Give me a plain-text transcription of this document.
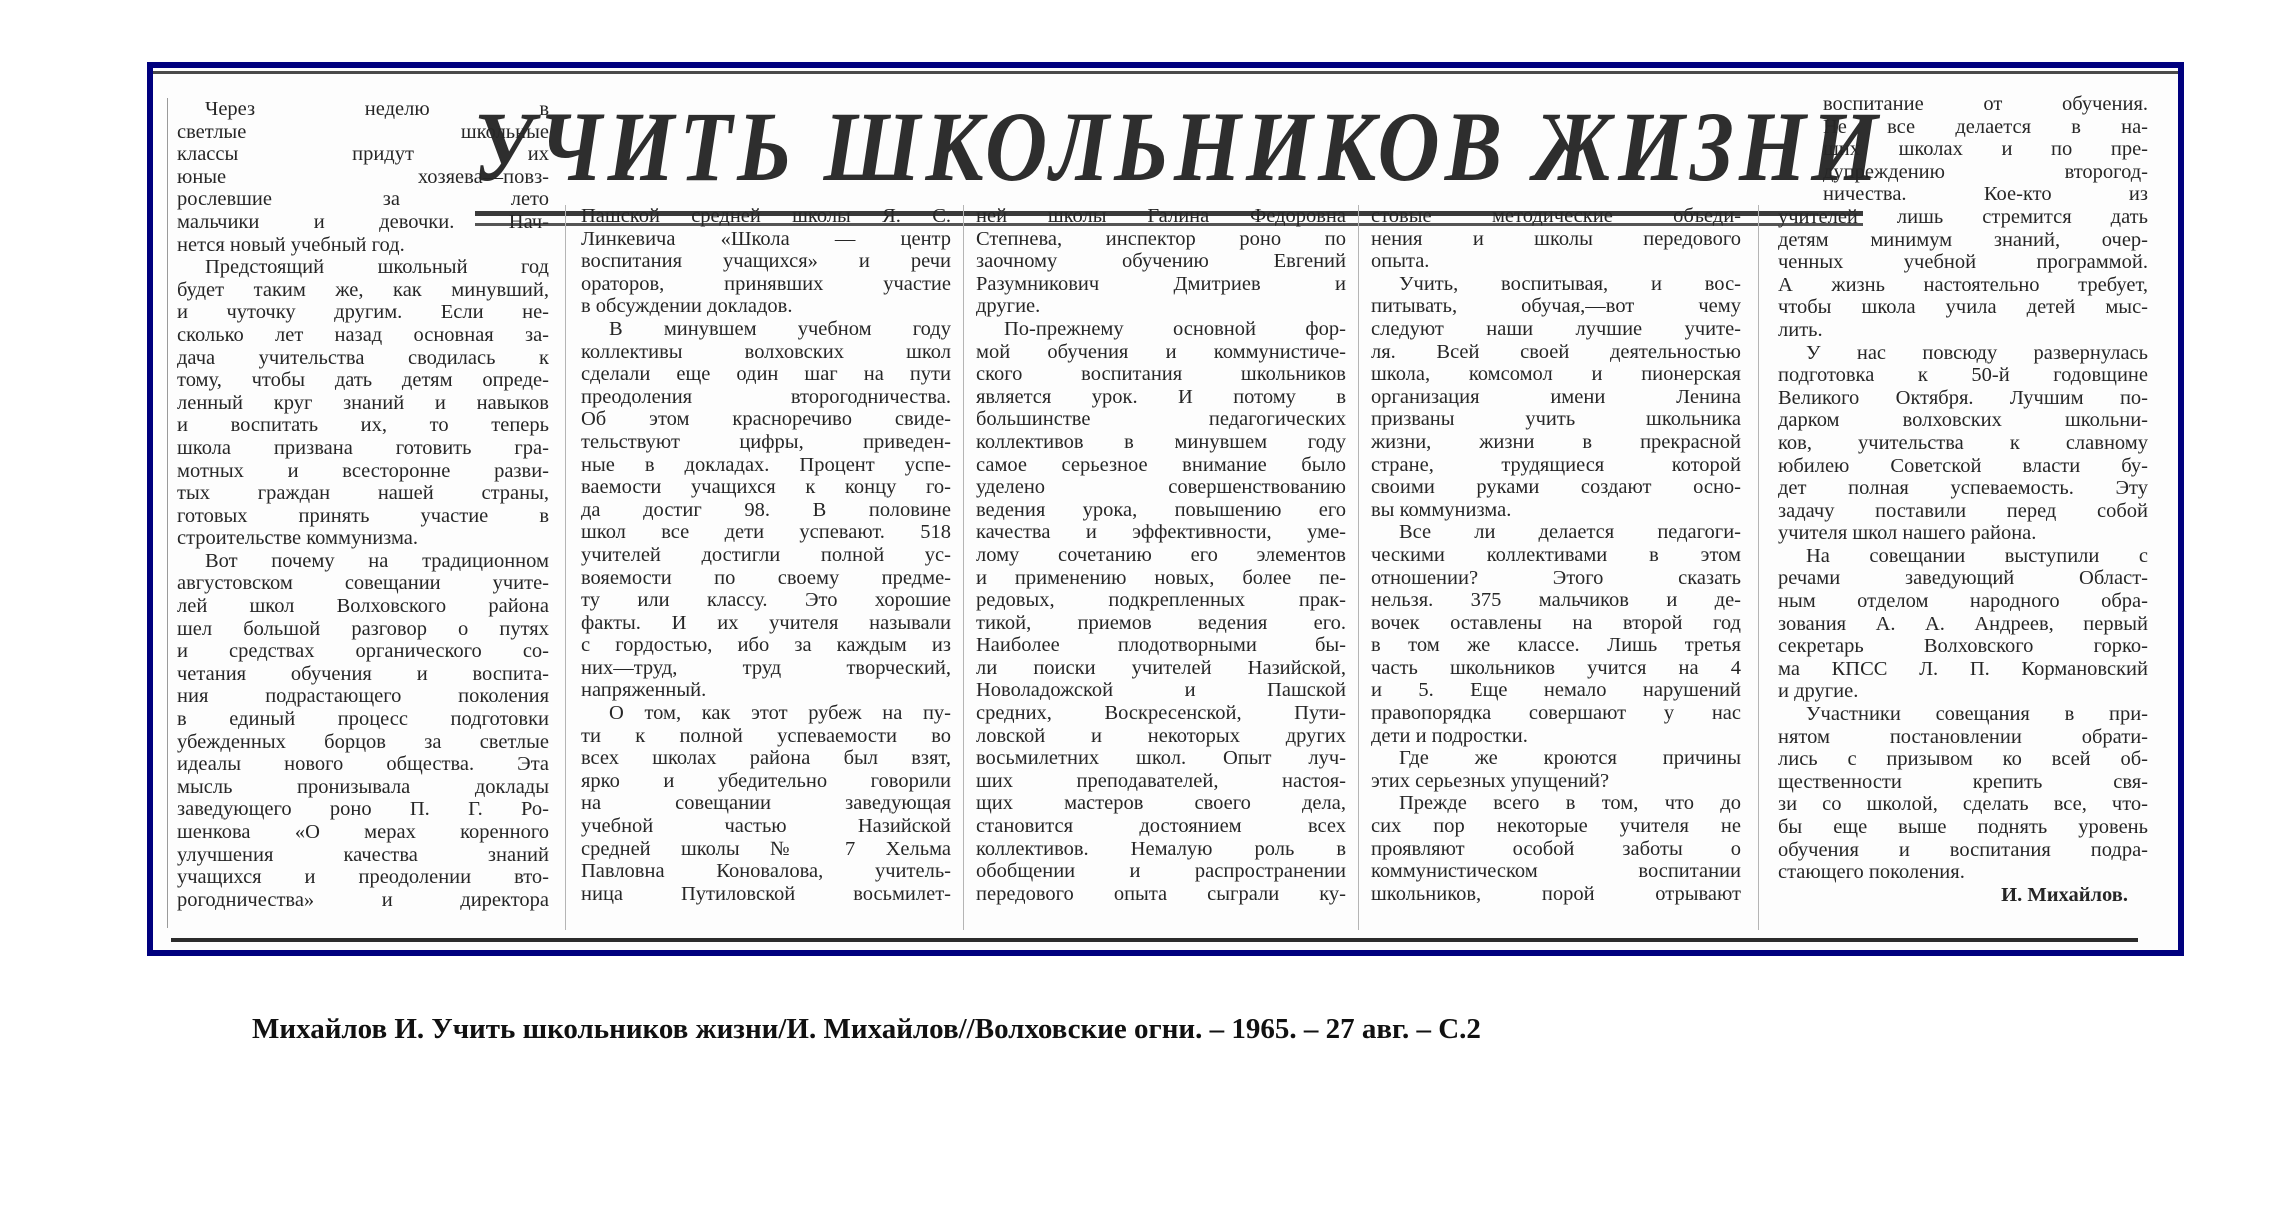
УЧИТЬ ШКОЛЬНИКОВ ЖИЗНИ
Через неделю в
светлые школьные
классы придут их
юные хозяева—повз-
рослевшие за лето
мальчики и девочки. Нач-
нется новый учебный год.
Предстоящий школьный год
будет таким же, как минувший,
и чуточку другим. Если не-
сколько лет назад основная за-
дача учительства сводилась к
тому, чтобы дать детям опреде-
ленный круг знаний и навыков
и воспитать их, то теперь
школа призвана готовить гра-
мотных и всесторонне разви-
тых граждан нашей страны,
готовых принять участие в
строительстве коммунизма.
Вот почему на традиционном
августовском совещании учите-
лей школ Волховского района
шел большой разговор о путях
и средствах органического со-
четания обучения и воспита-
ния подрастающего поколения
в единый процесс подготовки
убежденных борцов за светлые
идеалы нового общества. Эта
мысль пронизывала доклады
заведующего роно П. Г. Ро-
шенкова «О мерах коренного
улучшения качества знаний
учащихся и преодолении вто-
рогодничества» и директора
Пашской средней школы Я. С.
Линкевича «Школа — центр
воспитания учащихся» и речи
ораторов, принявших участие
в обсуждении докладов.
В минувшем учебном году
коллективы волховских школ
сделали еще один шаг на пути
преодоления второгодничества.
Об этом красноречиво свиде-
тельствуют цифры, приведен-
ные в докладах. Процент успе-
ваемости учащихся к концу го-
да достиг 98. В половине
школ все дети успевают. 518
учителей достигли полной ус-
вояемости по своему предме-
ту или классу. Это хорошие
факты. И их учителя называли
с гордостью, ибо за каждым из
них—труд, труд творческий,
напряженный.
О том, как этот рубеж на пу-
ти к полной успеваемости во
всех школах района был взят,
ярко и убедительно говорили
на совещании заведующая
учебной частью Назийской
средней школы № 7 Хельма
Павловна Коновалова, учитель-
ница Путиловской восьмилет-
ней школы Галина Федоровна
Степнева, инспектор роно по
заочному обучению Евгений
Разумникович Дмитриев и
другие.
По-прежнему основной фор-
мой обучения и коммунистиче-
ского воспитания школьников
является урок. И потому в
большинстве педагогических
коллективов в минувшем году
самое серьезное внимание было
уделено совершенствованию
ведения урока, повышению его
качества и эффективности, уме-
лому сочетанию его элементов
и применению новых, более пе-
редовых, подкрепленных прак-
тикой, приемов ведения его.
Наиболее плодотворными бы-
ли поиски учителей Назийской,
Новоладожской и Пашской
средних, Воскресенской, Пути-
ловской и некоторых других
восьмилетних школ. Опыт луч-
ших преподавателей, настоя-
щих мастеров своего дела,
становится достоянием всех
коллективов. Немалую роль в
обобщении и распространении
передового опыта сыграли ку-
стовые методические объеди-
нения и школы передового
опыта.
Учить, воспитывая, и вос-
питывать, обучая,—вот чему
следуют наши лучшие учите-
ля. Всей своей деятельностью
школа, комсомол и пионерская
организация имени Ленина
призваны учить школьника
жизни, жизни в прекрасной
стране, трудящиеся которой
своими руками создают осно-
вы коммунизма.
Все ли делается педагоги-
ческими коллективами в этом
отношении? Этого сказать
нельзя. 375 мальчиков и де-
вочек оставлены на второй год
в том же классе. Лишь третья
часть школьников учится на 4
и 5. Еще немало нарушений
правопорядка совершают у нас
дети и подростки.
Где же кроются причины
этих серьезных упущений?
Прежде всего в том, что до
сих пор некоторые учителя не
проявляют особой заботы о
коммунистическом воспитании
школьников, порой отрывают
воспитание от обучения.
Не все делается в на-
ших школах и по пре-
дупреждению второгод-
ничества. Кое-кто из
учителей лишь стремится дать
детям минимум знаний, очер-
ченных учебной программой.
А жизнь настоятельно требует,
чтобы школа учила детей мыс-
лить.
У нас повсюду развернулась
подготовка к 50-й годовщине
Великого Октября. Лучшим по-
дарком волховских школьни-
ков, учительства к славному
юбилею Советской власти бу-
дет полная успеваемость. Эту
задачу поставили перед собой
учителя школ нашего района.
На совещании выступили с
речами заведующий Област-
ным отделом народного обра-
зования А. А. Андреев, первый
секретарь Волховского горко-
ма КПСС Л. П. Кормановский
и другие.
Участники совещания в при-
нятом постановлении обрати-
лись с призывом ко всей об-
щественности крепить свя-
зи со школой, сделать все, что-
бы еще выше поднять уровень
обучения и воспитания подра-
стающего поколения.
И. Михайлов.
Михайлов И. Учить школьников жизни/И. Михайлов//Волховские огни. – 1965. – 27 авг. – С.2
